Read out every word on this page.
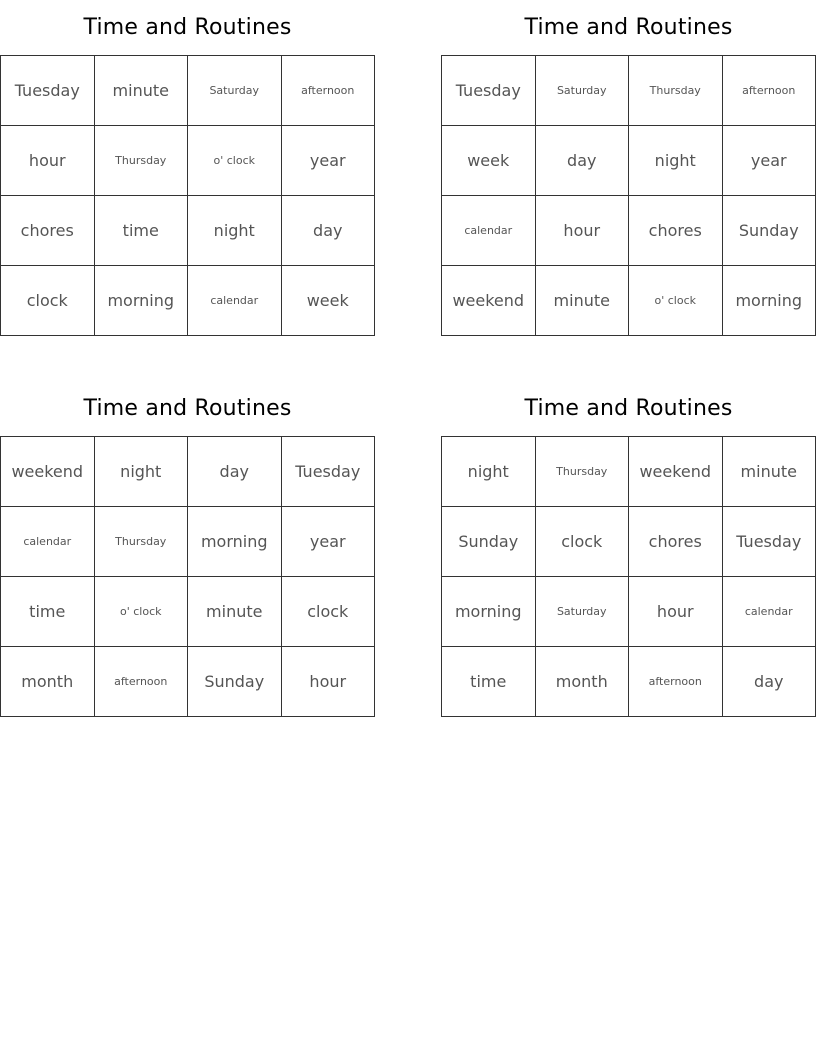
Time and Routines
Tuesday	minute	Saturday	afternoon
hour	Thursday	o' clock	year
chores	time	night	day
clock	morning	calendar	week
Time and Routines
Tuesday	Saturday	Thursday	afternoon
week	day	night	year
calendar	hour	chores	Sunday
weekend	minute	o' clock	morning
Time and Routines
weekend	night	day	Tuesday
calendar	Thursday	morning	year
time	o' clock	minute	clock
month	afternoon	Sunday	hour
Time and Routines
night	Thursday	weekend	minute
Sunday	clock	chores	Tuesday
morning	Saturday	hour	calendar
time	month	afternoon	day
